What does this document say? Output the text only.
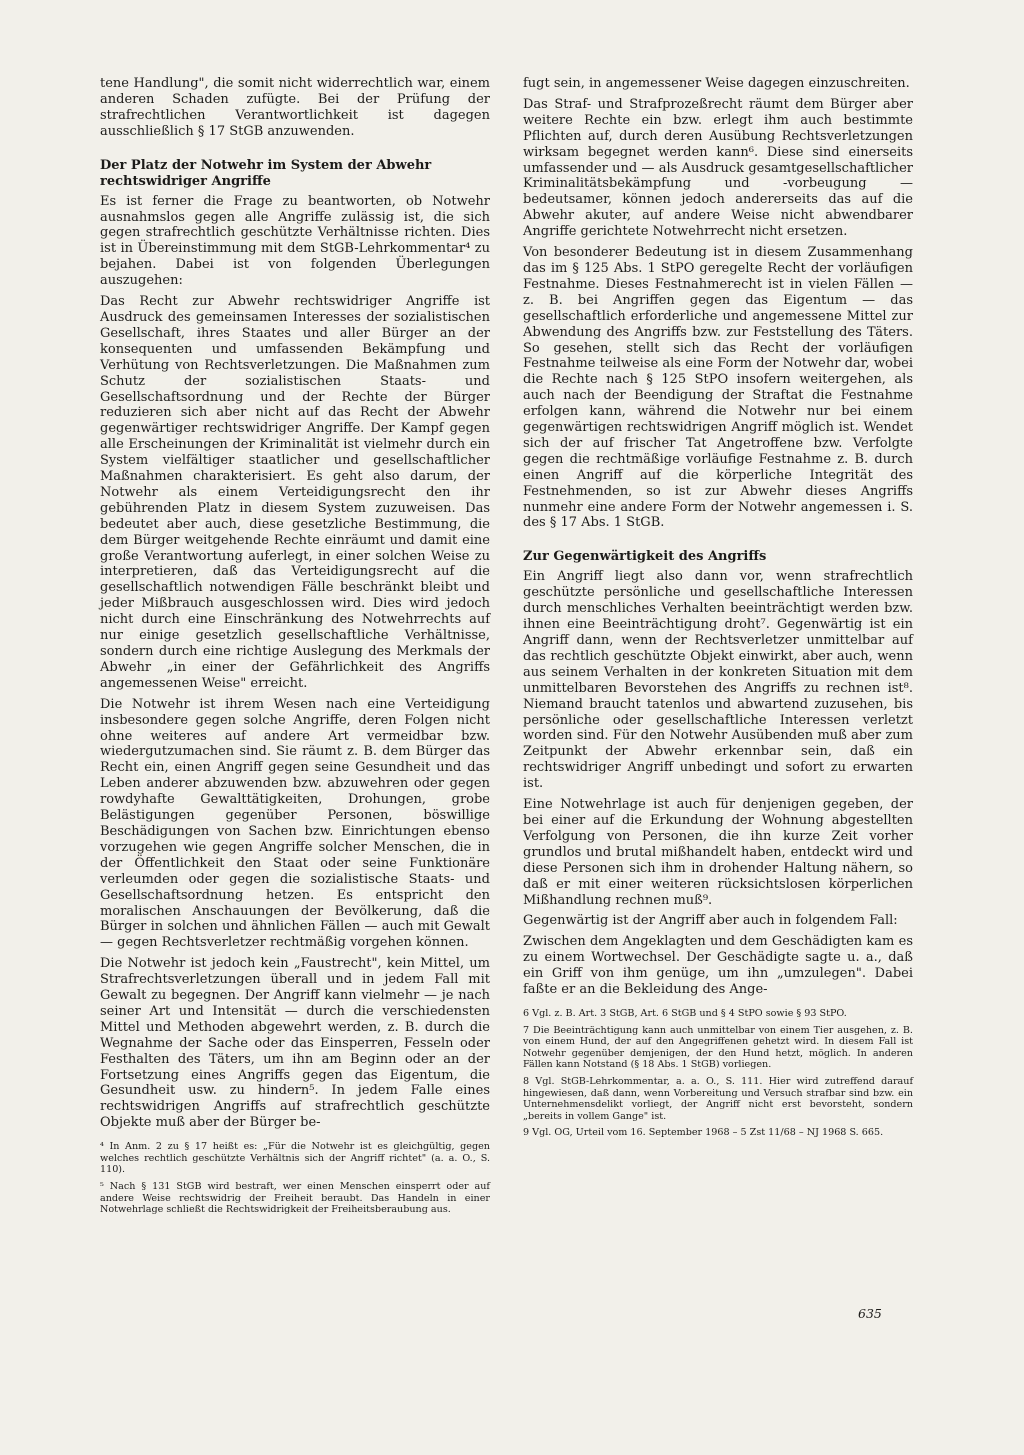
tene Handlung", die somit nicht widerrechtlich war, einem anderen Schaden zufügte. Bei der Prüfung der strafrechtlichen Verantwortlichkeit ist dagegen ausschließlich § 17 StGB anzuwenden.

Der Platz der Notwehr im System der Abwehr rechtswidriger Angriffe

Es ist ferner die Frage zu beantworten, ob Notwehr ausnahmslos gegen alle Angriffe zulässig ist, die sich gegen strafrechtlich geschützte Verhältnisse richten. Dies ist in Übereinstimmung mit dem StGB-Lehrkommentar⁴ zu bejahen. Dabei ist von folgenden Überlegungen auszugehen:

Das Recht zur Abwehr rechtswidriger Angriffe ist Ausdruck des gemeinsamen Interesses der sozialistischen Gesellschaft, ihres Staates und aller Bürger an der konsequenten und umfassenden Bekämpfung und Verhütung von Rechtsverletzungen. Die Maßnahmen zum Schutz der sozialistischen Staats- und Gesellschaftsordnung und der Rechte der Bürger reduzieren sich aber nicht auf das Recht der Abwehr gegenwärtiger rechtswidriger Angriffe. Der Kampf gegen alle Erscheinungen der Kriminalität ist vielmehr durch ein System vielfältiger staatlicher und gesellschaftlicher Maßnahmen charakterisiert. Es geht also darum, der Notwehr als einem Verteidigungsrecht den ihr gebührenden Platz in diesem System zuzuweisen. Das bedeutet aber auch, diese gesetzliche Bestimmung, die dem Bürger weitgehende Rechte einräumt und damit eine große Verantwortung auferlegt, in einer solchen Weise zu interpretieren, daß das Verteidigungsrecht auf die gesellschaftlich notwendigen Fälle beschränkt bleibt und jeder Mißbrauch ausgeschlossen wird. Dies wird jedoch nicht durch eine Einschränkung des Notwehrrechts auf nur einige gesetzlich gesellschaftliche Verhältnisse, sondern durch eine richtige Auslegung des Merkmals der Abwehr „in einer der Gefährlichkeit des Angriffs angemessenen Weise" erreicht.

Die Notwehr ist ihrem Wesen nach eine Verteidigung insbesondere gegen solche Angriffe, deren Folgen nicht ohne weiteres auf andere Art vermeidbar bzw. wiedergutzumachen sind. Sie räumt z. B. dem Bürger das Recht ein, einen Angriff gegen seine Gesundheit und das Leben anderer abzuwenden bzw. abzuwehren oder gegen rowdyhafte Gewalttätigkeiten, Drohungen, grobe Belästigungen gegenüber Personen, böswillige Beschädigungen von Sachen bzw. Einrichtungen ebenso vorzugehen wie gegen Angriffe solcher Menschen, die in der Öffentlichkeit den Staat oder seine Funktionäre verleumden oder gegen die sozialistische Staats- und Gesellschaftsordnung hetzen. Es entspricht den moralischen Anschauungen der Bevölkerung, daß die Bürger in solchen und ähnlichen Fällen — auch mit Gewalt — gegen Rechtsverletzer rechtmäßig vorgehen können.

Die Notwehr ist jedoch kein „Faustrecht", kein Mittel, um Strafrechtsverletzungen überall und in jedem Fall mit Gewalt zu begegnen. Der Angriff kann vielmehr — je nach seiner Art und Intensität — durch die verschiedensten Mittel und Methoden abgewehrt werden, z. B. durch die Wegnahme der Sache oder das Einsperren, Fesseln oder Festhalten des Täters, um ihn am Beginn oder an der Fortsetzung eines Angriffs gegen das Eigentum, die Gesundheit usw. zu hindern⁵. In jedem Falle eines rechtswidrigen Angriffs auf strafrechtlich geschützte Objekte muß aber der Bürger be-

⁴ In Anm. 2 zu § 17 heißt es: „Für die Notwehr ist es gleichgültig, gegen welches rechtlich geschützte Verhältnis sich der Angriff richtet" (a. a. O., S. 110).

⁵ Nach § 131 StGB wird bestraft, wer einen Menschen einsperrt oder auf andere Weise rechtswidrig der Freiheit beraubt. Das Handeln in einer Notwehrlage schließt die Rechtswidrigkeit der Freiheitsberaubung aus.

fugt sein, in angemessener Weise dagegen einzuschreiten.

Das Straf- und Strafprozeßrecht räumt dem Bürger aber weitere Rechte ein bzw. erlegt ihm auch bestimmte Pflichten auf, durch deren Ausübung Rechtsverletzungen wirksam begegnet werden kann⁶. Diese sind einerseits umfassender und — als Ausdruck gesamtgesellschaftlicher Kriminalitätsbekämpfung und -vorbeugung — bedeutsamer, können jedoch andererseits das auf die Abwehr akuter, auf andere Weise nicht abwendbarer Angriffe gerichtete Notwehrrecht nicht ersetzen.

Von besonderer Bedeutung ist in diesem Zusammenhang das im § 125 Abs. 1 StPO geregelte Recht der vorläufigen Festnahme. Dieses Festnahmerecht ist in vielen Fällen — z. B. bei Angriffen gegen das Eigentum — das gesellschaftlich erforderliche und angemessene Mittel zur Abwendung des Angriffs bzw. zur Feststellung des Täters. So gesehen, stellt sich das Recht der vorläufigen Festnahme teilweise als eine Form der Notwehr dar, wobei die Rechte nach § 125 StPO insofern weitergehen, als auch nach der Beendigung der Straftat die Festnahme erfolgen kann, während die Notwehr nur bei einem gegenwärtigen rechtswidrigen Angriff möglich ist. Wendet sich der auf frischer Tat Angetroffene bzw. Verfolgte gegen die rechtmäßige vorläufige Festnahme z. B. durch einen Angriff auf die körperliche Integrität des Festnehmenden, so ist zur Abwehr dieses Angriffs nunmehr eine andere Form der Notwehr angemessen i. S. des § 17 Abs. 1 StGB.

Zur Gegenwärtigkeit des Angriffs

Ein Angriff liegt also dann vor, wenn strafrechtlich geschützte persönliche und gesellschaftliche Interessen durch menschliches Verhalten beeinträchtigt werden bzw. ihnen eine Beeinträchtigung droht⁷. Gegenwärtig ist ein Angriff dann, wenn der Rechtsverletzer unmittelbar auf das rechtlich geschützte Objekt einwirkt, aber auch, wenn aus seinem Verhalten in der konkreten Situation mit dem unmittelbaren Bevorstehen des Angriffs zu rechnen ist⁸. Niemand braucht tatenlos und abwartend zuzusehen, bis persönliche oder gesellschaftliche Interessen verletzt worden sind. Für den Notwehr Ausübenden muß aber zum Zeitpunkt der Abwehr erkennbar sein, daß ein rechtswidriger Angriff unbedingt und sofort zu erwarten ist.

Eine Notwehrlage ist auch für denjenigen gegeben, der bei einer auf die Erkundung der Wohnung abgestellten Verfolgung von Personen, die ihn kurze Zeit vorher grundlos und brutal mißhandelt haben, entdeckt wird und diese Personen sich ihm in drohender Haltung nähern, so daß er mit einer weiteren rücksichtslosen körperlichen Mißhandlung rechnen muß⁹.

Gegenwärtig ist der Angriff aber auch in folgendem Fall:

Zwischen dem Angeklagten und dem Geschädigten kam es zu einem Wortwechsel. Der Geschädigte sagte u. a., daß ein Griff von ihm genüge, um ihn „umzulegen". Dabei faßte er an die Bekleidung des Ange-

6 Vgl. z. B. Art. 3 StGB, Art. 6 StGB und § 4 StPO sowie § 93 StPO.

7 Die Beeinträchtigung kann auch unmittelbar von einem Tier ausgehen, z. B. von einem Hund, der auf den Angegriffenen gehetzt wird. In diesem Fall ist Notwehr gegenüber demjenigen, der den Hund hetzt, möglich. In anderen Fällen kann Notstand (§ 18 Abs. 1 StGB) vorliegen.

8 Vgl. StGB-Lehrkommentar, a. a. O., S. 111. Hier wird zutreffend darauf hingewiesen, daß dann, wenn Vorbereitung und Versuch strafbar sind bzw. ein Unternehmensdelikt vorliegt, der Angriff nicht erst bevorsteht, sondern „bereits in vollem Gange" ist.

9 Vgl. OG, Urteil vom 16. September 1968 – 5 Zst 11/68 – NJ 1968 S. 665.

635
